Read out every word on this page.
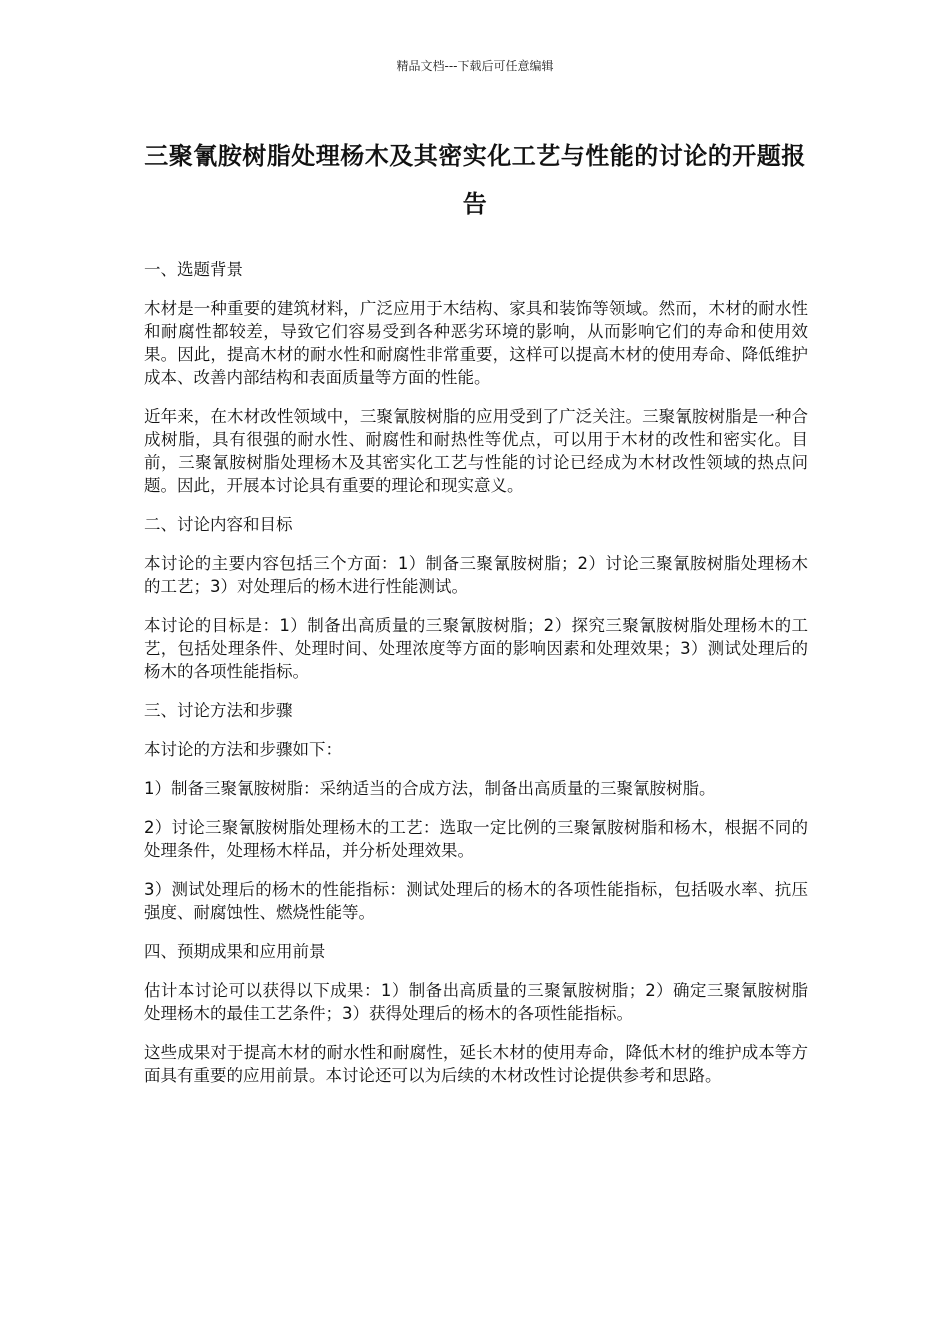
精品文档---下载后可任意编辑
三聚氰胺树脂处理杨木及其密实化工艺与性能的讨论的开题报告

一、选题背景

木材是一种重要的建筑材料，广泛应用于木结构、家具和装饰等领域。然而，木材的耐水性和耐腐性都较差，导致它们容易受到各种恶劣环境的影响，从而影响它们的寿命和使用效果。因此，提高木材的耐水性和耐腐性非常重要，这样可以提高木材的使用寿命、降低维护成本、改善内部结构和表面质量等方面的性能。

近年来，在木材改性领域中，三聚氰胺树脂的应用受到了广泛关注。三聚氰胺树脂是一种合成树脂，具有很强的耐水性、耐腐性和耐热性等优点，可以用于木材的改性和密实化。目前，三聚氰胺树脂处理杨木及其密实化工艺与性能的讨论已经成为木材改性领域的热点问题。因此，开展本讨论具有重要的理论和现实意义。

二、讨论内容和目标

本讨论的主要内容包括三个方面：1）制备三聚氰胺树脂；2）讨论三聚氰胺树脂处理杨木的工艺；3）对处理后的杨木进行性能测试。

本讨论的目标是：1）制备出高质量的三聚氰胺树脂；2）探究三聚氰胺树脂处理杨木的工艺，包括处理条件、处理时间、处理浓度等方面的影响因素和处理效果；3）测试处理后的杨木的各项性能指标。

三、讨论方法和步骤

本讨论的方法和步骤如下：

1）制备三聚氰胺树脂：采纳适当的合成方法，制备出高质量的三聚氰胺树脂。

2）讨论三聚氰胺树脂处理杨木的工艺：选取一定比例的三聚氰胺树脂和杨木，根据不同的处理条件，处理杨木样品，并分析处理效果。

3）测试处理后的杨木的性能指标：测试处理后的杨木的各项性能指标，包括吸水率、抗压强度、耐腐蚀性、燃烧性能等。

四、预期成果和应用前景

估计本讨论可以获得以下成果：1）制备出高质量的三聚氰胺树脂；2）确定三聚氰胺树脂处理杨木的最佳工艺条件；3）获得处理后的杨木的各项性能指标。

这些成果对于提高木材的耐水性和耐腐性，延长木材的使用寿命，降低木材的维护成本等方面具有重要的应用前景。本讨论还可以为后续的木材改性讨论提供参考和思路。
